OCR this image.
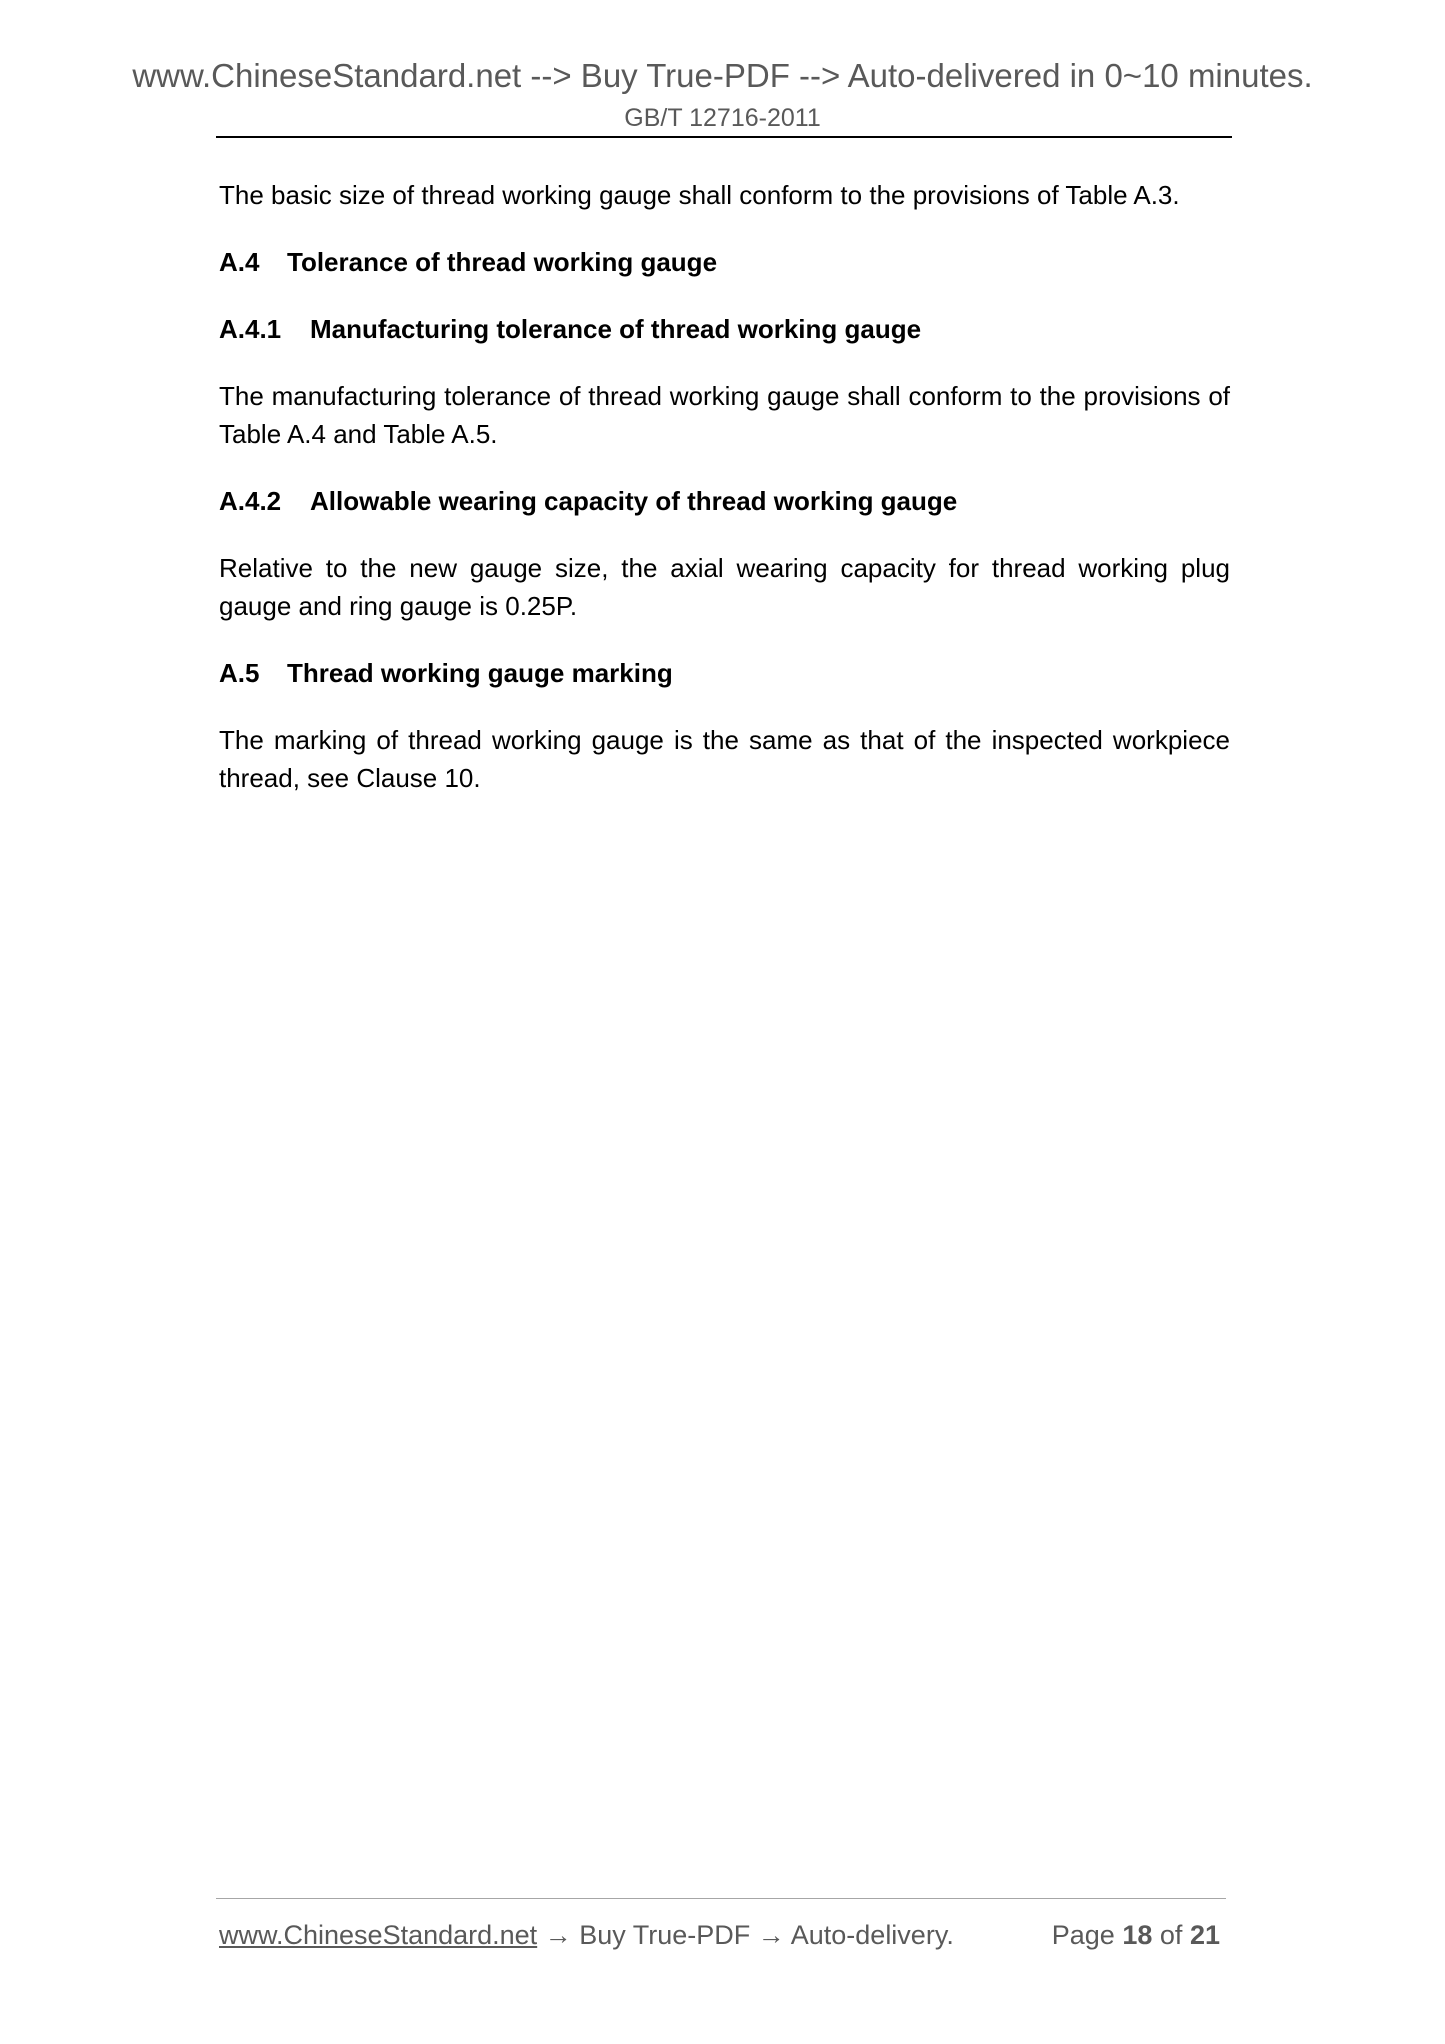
www.ChineseStandard.net --> Buy True-PDF --> Auto-delivered in 0~10 minutes.
GB/T 12716-2011

The basic size of thread working gauge shall conform to the provisions of Table A.3.

A.4 Tolerance of thread working gauge
A.4.1 Manufacturing tolerance of thread working gauge

The manufacturing tolerance of thread working gauge shall conform to the provisions of Table A.4 and Table A.5.

A.4.2 Allowable wearing capacity of thread working gauge

Relative to the new gauge size, the axial wearing capacity for thread working plug gauge and ring gauge is 0.25P.

A.5 Thread working gauge marking

The marking of thread working gauge is the same as that of the inspected workpiece thread, see Clause 10.

www.ChineseStandard.net → Buy True-PDF → Auto-delivery.	Page 18 of 21
